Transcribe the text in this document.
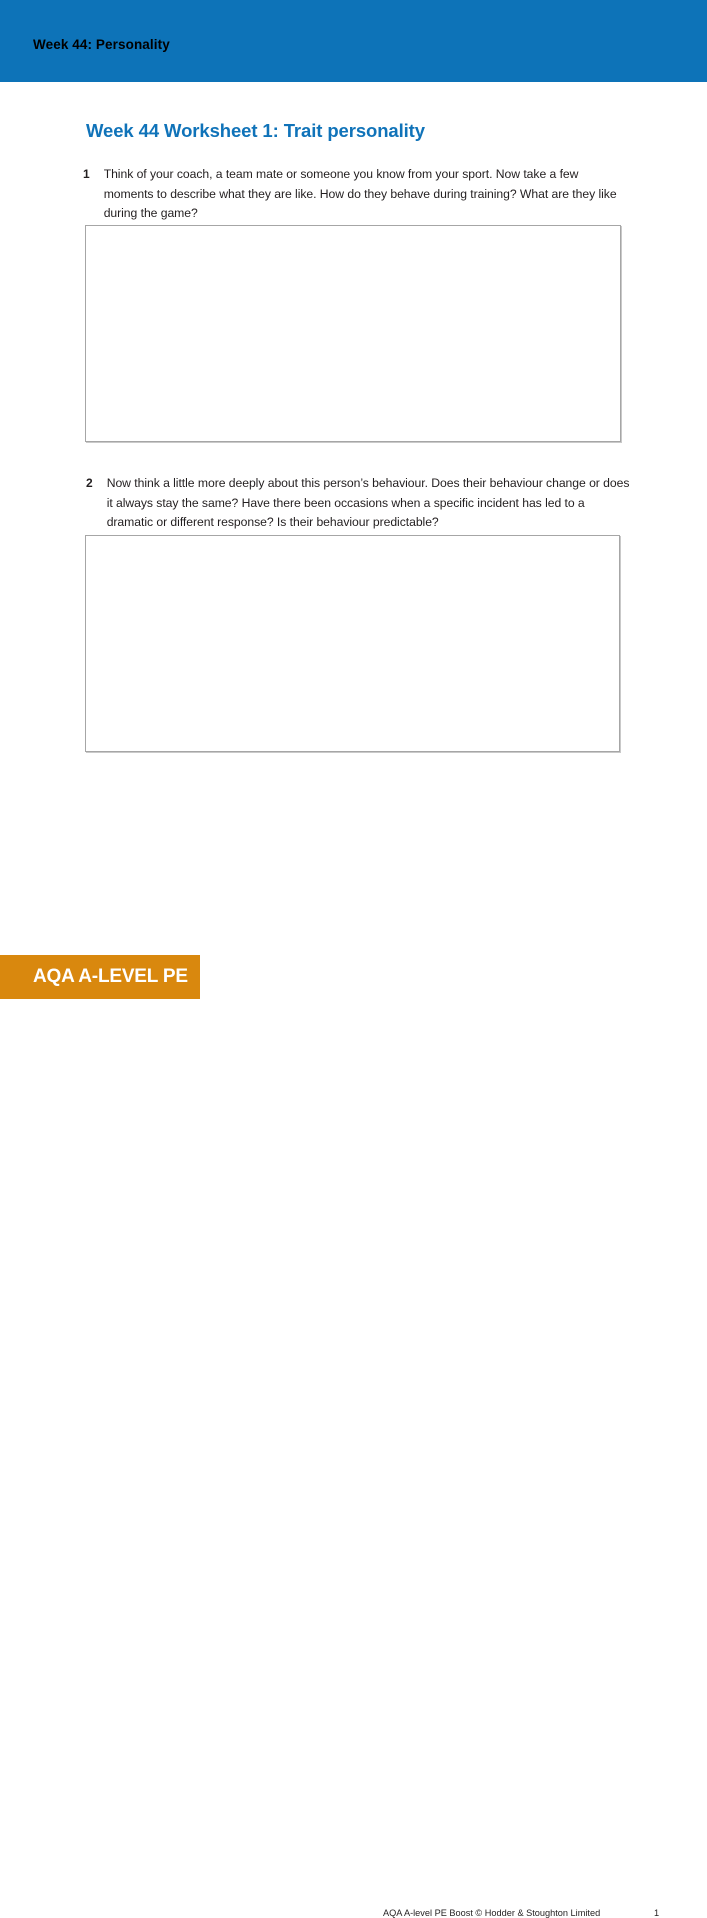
Week 44: Personality
Week 44 Worksheet 1: Trait personality
1	Think of your coach, a team mate or someone you know from your sport. Now take a few moments to describe what they are like. How do they behave during training? What are they like during the game?
2	Now think a little more deeply about this person’s behaviour. Does their behaviour change or does it always stay the same? Have there been occasions when a specific incident has led to a dramatic or different response? Is their behaviour predictable?
AQA A-LEVEL PE
AQA A-level PE Boost © Hodder & Stoughton Limited	1
